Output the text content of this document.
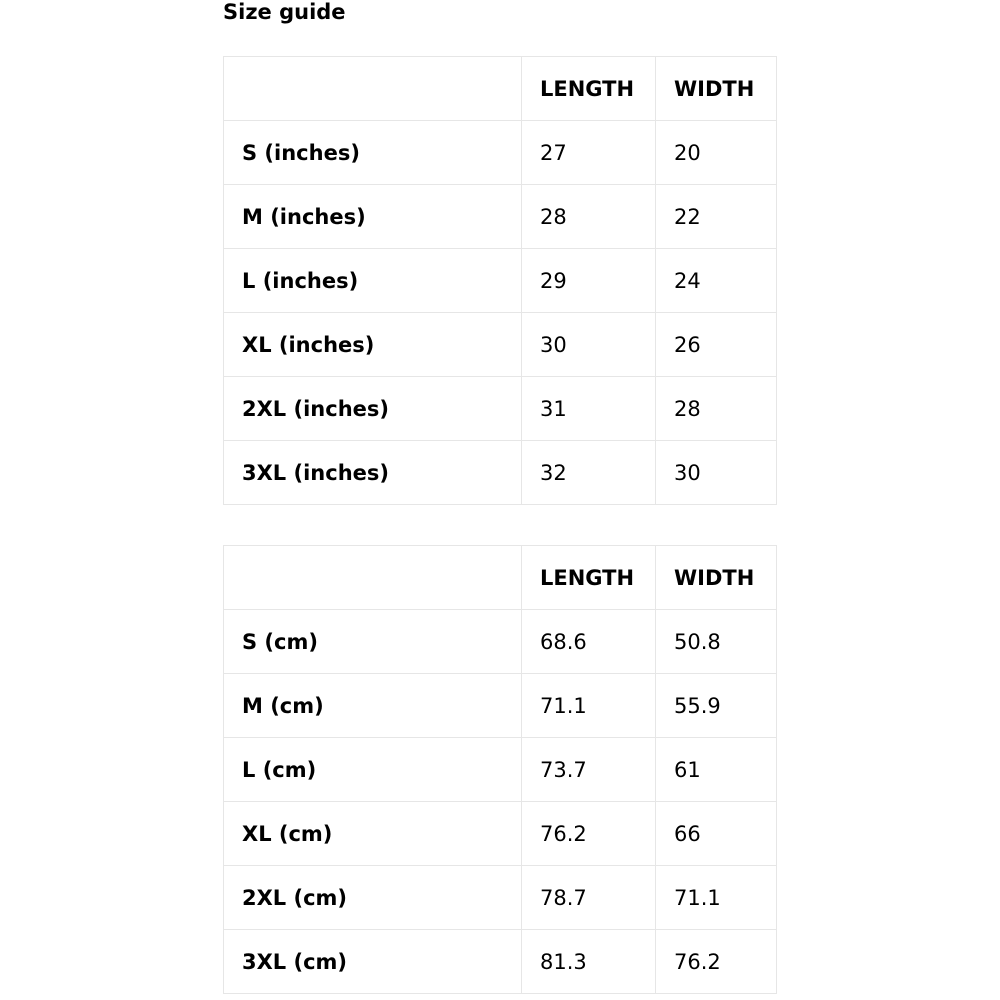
Size guide
	LENGTH	WIDTH
S (inches)	27	20
M (inches)	28	22
L (inches)	29	24
XL (inches)	30	26
2XL (inches)	31	28
3XL (inches)	32	30
	LENGTH	WIDTH
S (cm)	68.6	50.8
M (cm)	71.1	55.9
L (cm)	73.7	61
XL (cm)	76.2	66
2XL (cm)	78.7	71.1
3XL (cm)	81.3	76.2
